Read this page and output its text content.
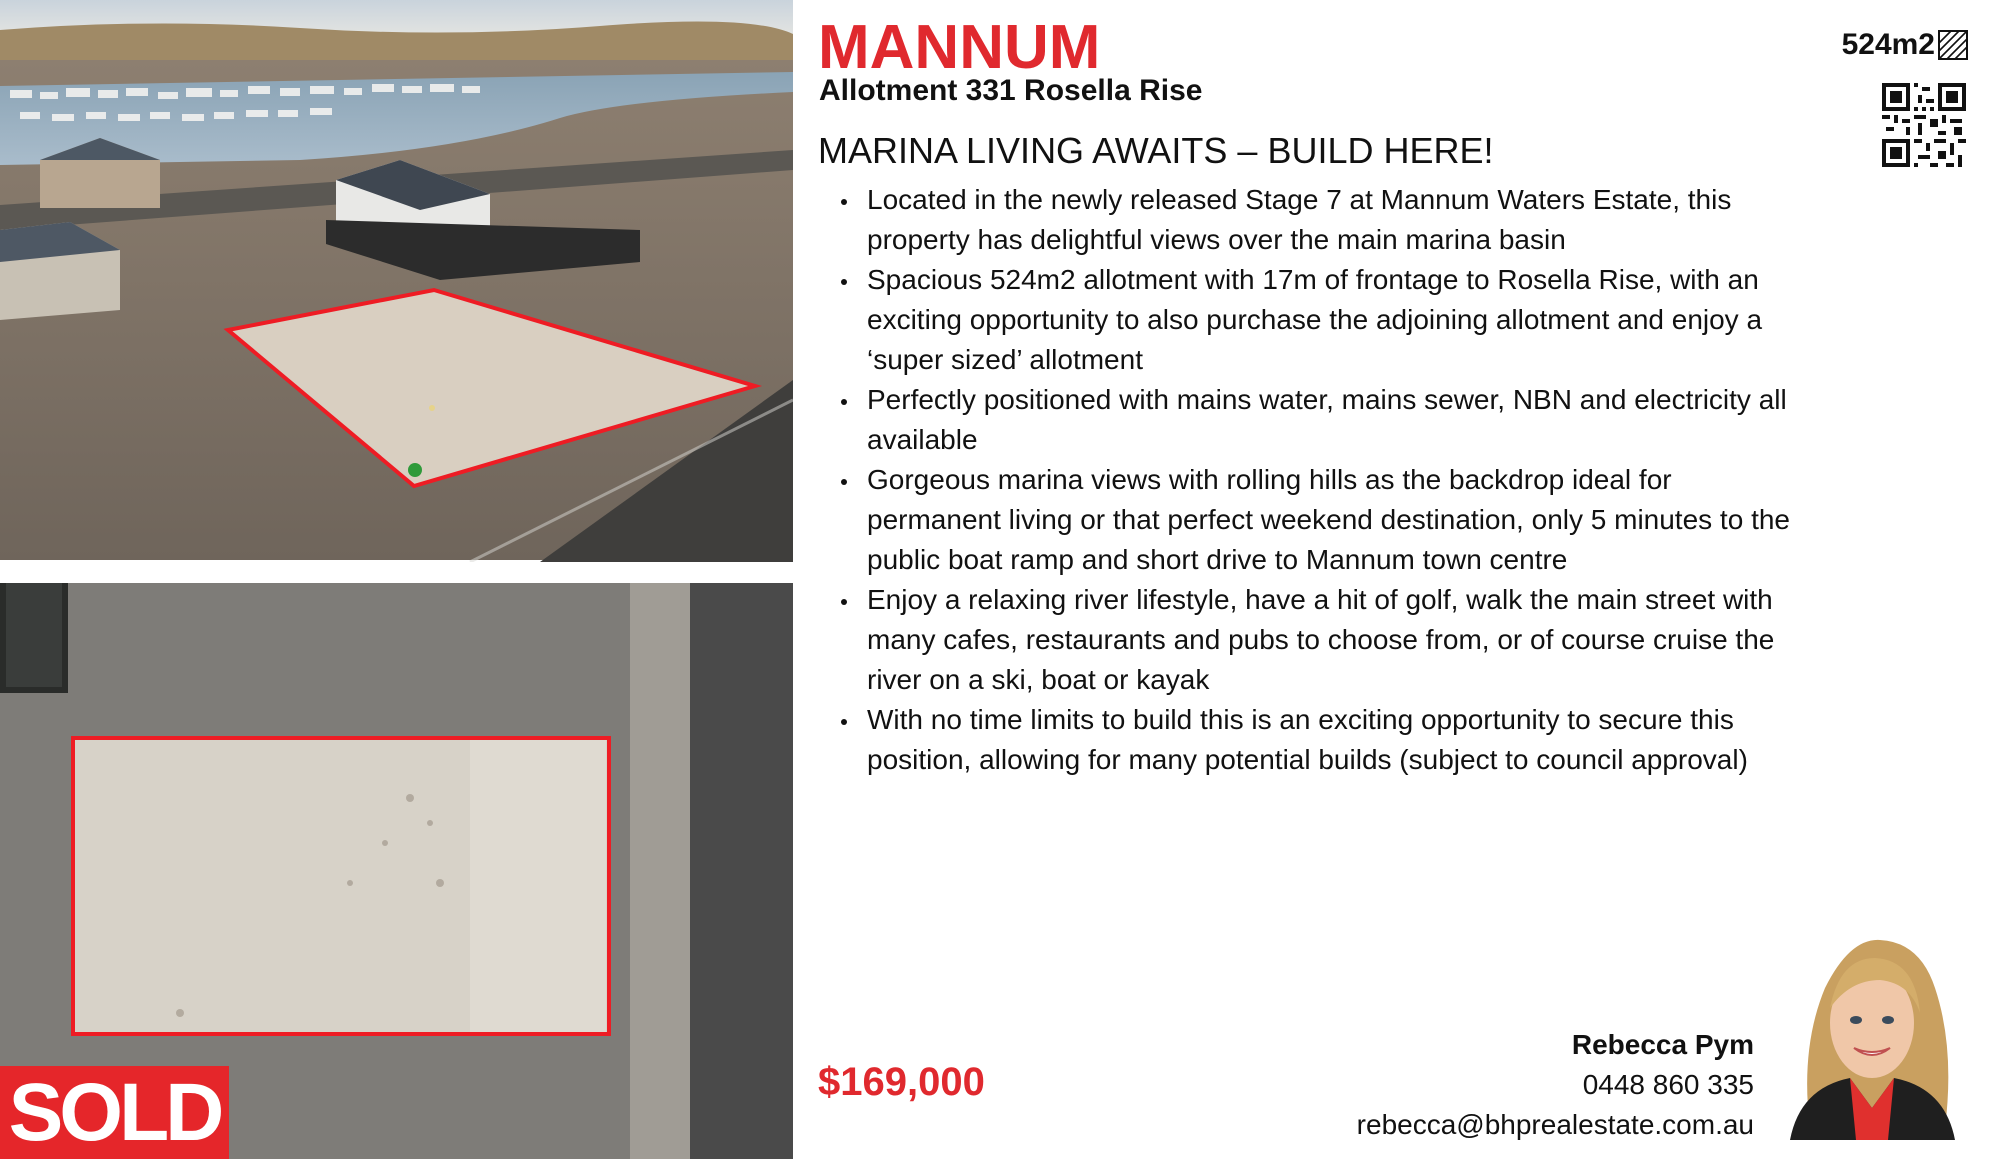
SOLD
MANNUM
Allotment 331 Rosella Rise
MARINA LIVING AWAITS – BUILD HERE!
Located in the newly released Stage 7 at Mannum Waters Estate, this property has delightful views over the main marina basin
Spacious 524m2 allotment with 17m of frontage to Rosella Rise, with an exciting opportunity to also purchase the adjoining allotment and enjoy a ‘super sized’ allotment
Perfectly positioned with mains water, mains sewer, NBN and electricity all available
Gorgeous marina views with rolling hills as the backdrop ideal for permanent living or that perfect weekend destination, only 5 minutes to the public boat ramp and short drive to Mannum town centre
Enjoy a relaxing river lifestyle, have a hit of golf, walk the main street with many cafes, restaurants and pubs to choose from, or of course cruise the river on a ski, boat or kayak
With no time limits to build this is an exciting opportunity to secure this position, allowing for many potential builds (subject to council approval)
524m2
$169,000
Rebecca Pym
0448 860 335
rebecca@bhprealestate.com.au
